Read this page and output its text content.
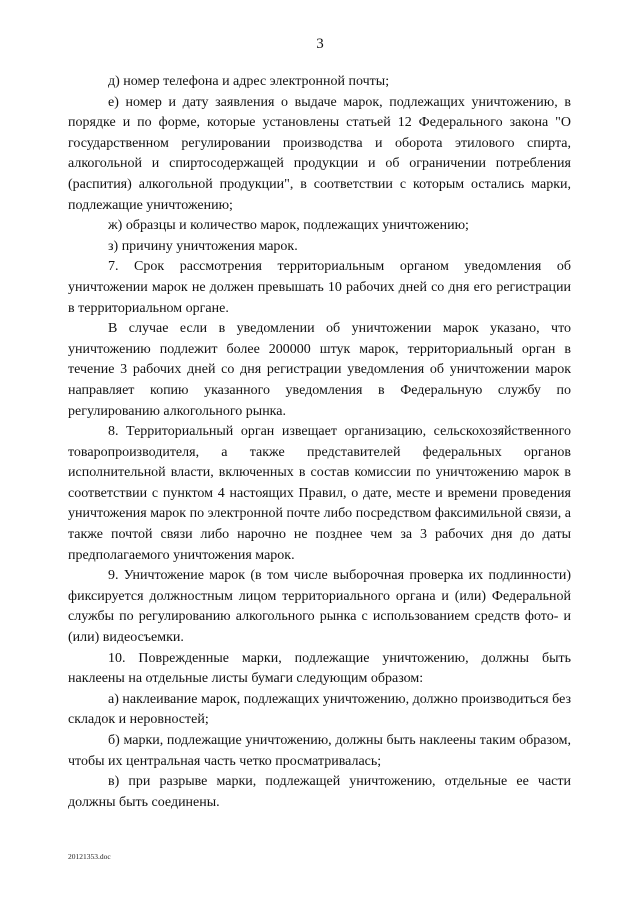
3

д) номер телефона и адрес электронной почты;

е) номер и дату заявления о выдаче марок, подлежащих уничтожению, в порядке и по форме, которые установлены статьей 12 Федерального закона "О государственном регулировании производства и оборота этилового спирта, алкогольной и спиртосодержащей продукции и об ограничении потребления (распития) алкогольной продукции", в соответствии с которым остались марки, подлежащие уничтожению;

ж) образцы и количество марок, подлежащих уничтожению;

з) причину уничтожения марок.

7. Срок рассмотрения территориальным органом уведомления об уничтожении марок не должен превышать 10 рабочих дней со дня его регистрации в территориальном органе.

В случае если в уведомлении об уничтожении марок указано, что уничтожению подлежит более 200000 штук марок, территориальный орган в течение 3 рабочих дней со дня регистрации уведомления об уничтожении марок направляет копию указанного уведомления в Федеральную службу по регулированию алкогольного рынка.

8. Территориальный орган извещает организацию, сельскохозяйственного товаропроизводителя, а также представителей федеральных органов исполнительной власти, включенных в состав комиссии по уничтожению марок в соответствии с пунктом 4 настоящих Правил, о дате, месте и времени проведения уничтожения марок по электронной почте либо посредством факсимильной связи, а также почтой связи либо нарочно не позднее чем за 3 рабочих дня до даты предполагаемого уничтожения марок.

9. Уничтожение марок (в том числе выборочная проверка их подлинности) фиксируется должностным лицом территориального органа и (или) Федеральной службы по регулированию алкогольного рынка с использованием средств фото- и (или) видеосъемки.

10. Поврежденные марки, подлежащие уничтожению, должны быть наклеены на отдельные листы бумаги следующим образом:

а) наклеивание марок, подлежащих уничтожению, должно производиться без складок и неровностей;

б) марки, подлежащие уничтожению, должны быть наклеены таким образом, чтобы их центральная часть четко просматривалась;

в) при разрыве марки, подлежащей уничтожению, отдельные ее части должны быть соединены.

20121353.doc
